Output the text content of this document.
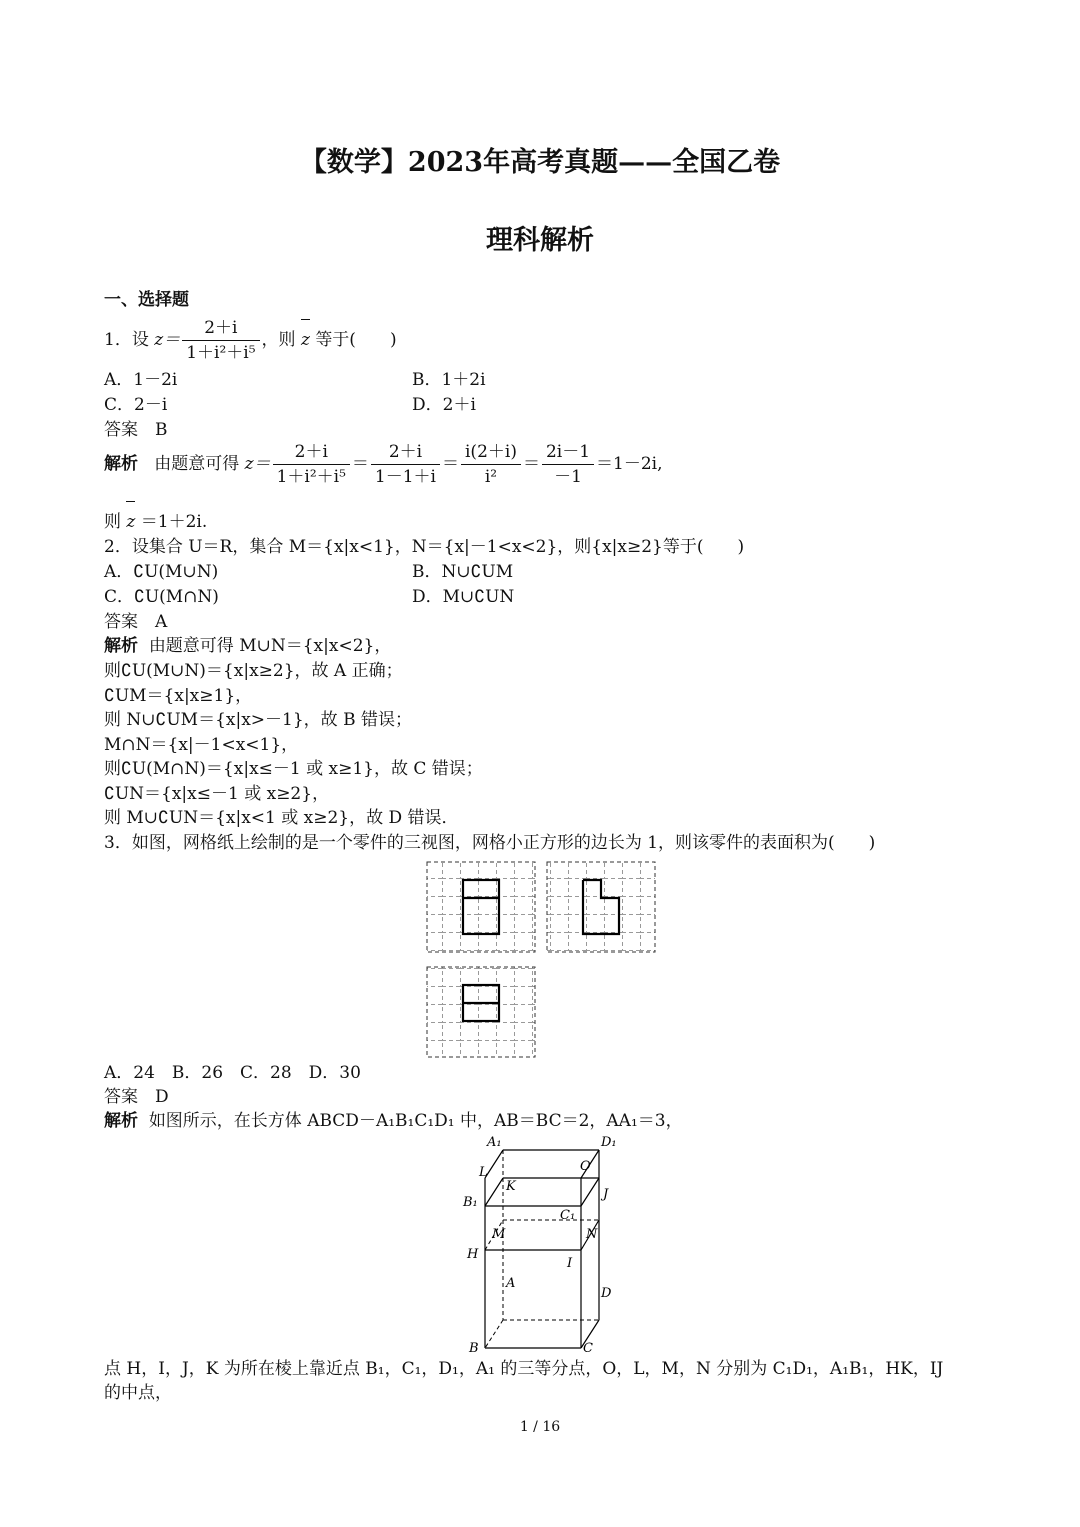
【数学】2023年高考真题——全国乙卷
理科解析
一、选择题
1．设 $z= \frac{2+i}{\text{1＋i²＋i⁵}}$ ，则 z 等于(　　)
A．1－2i	B．1＋2i
C．2－i	D．2＋i
答案　B
解析 由题意可得 $z= \frac{2+i}{\text{1＋i²＋i⁵}} = \frac{2+i}{1-1+i} = \frac{i(2+i)}{\text{i²}} = \frac{2i-1}{-1} =1-2i$,
则 z ＝1＋2i.
2．设集合 U＝R，集合 M＝{x|x<1}，N＝{x|－1<x<2}，则{x|x≥2}等于(　　)
A．∁U(M∪N)	B．N∪∁UM
C．∁U(M∩N)	D．M∪∁UN
答案　A
解析 由题意可得 M∪N＝{x|x<2}，
则∁U(M∪N)＝{x|x≥2}，故 A 正确；
∁UM＝{x|x≥1}，
则 N∪∁UM＝{x|x>－1}，故 B 错误；
M∩N＝{x|－1<x<1}，
则∁U(M∩N)＝{x|x≤－1 或 x≥1}，故 C 错误；
∁UN＝{x|x≤－1 或 x≥2}，
则 M∪∁UN＝{x|x<1 或 x≥2}，故 D 错误．
3．如图，网格纸上绘制的是一个零件的三视图，网格小正方形的边长为 1，则该零件的表面积为(　　)
A．24　B．26　C．28　D．30
答案　D
解析 如图所示，在长方体 ABCD－A₁B₁C₁D₁ 中，AB＝BC＝2，AA₁＝3，
A₁	D₁
L	O
K
J
B₁
C₁
M	N
H
I
A
D
B	C
点 H，I，J，K 为所在棱上靠近点 B₁，C₁，D₁，A₁ 的三等分点，O，L，M，N 分别为 C₁D₁，A₁B₁，HK，IJ
的中点，
1 / 16
